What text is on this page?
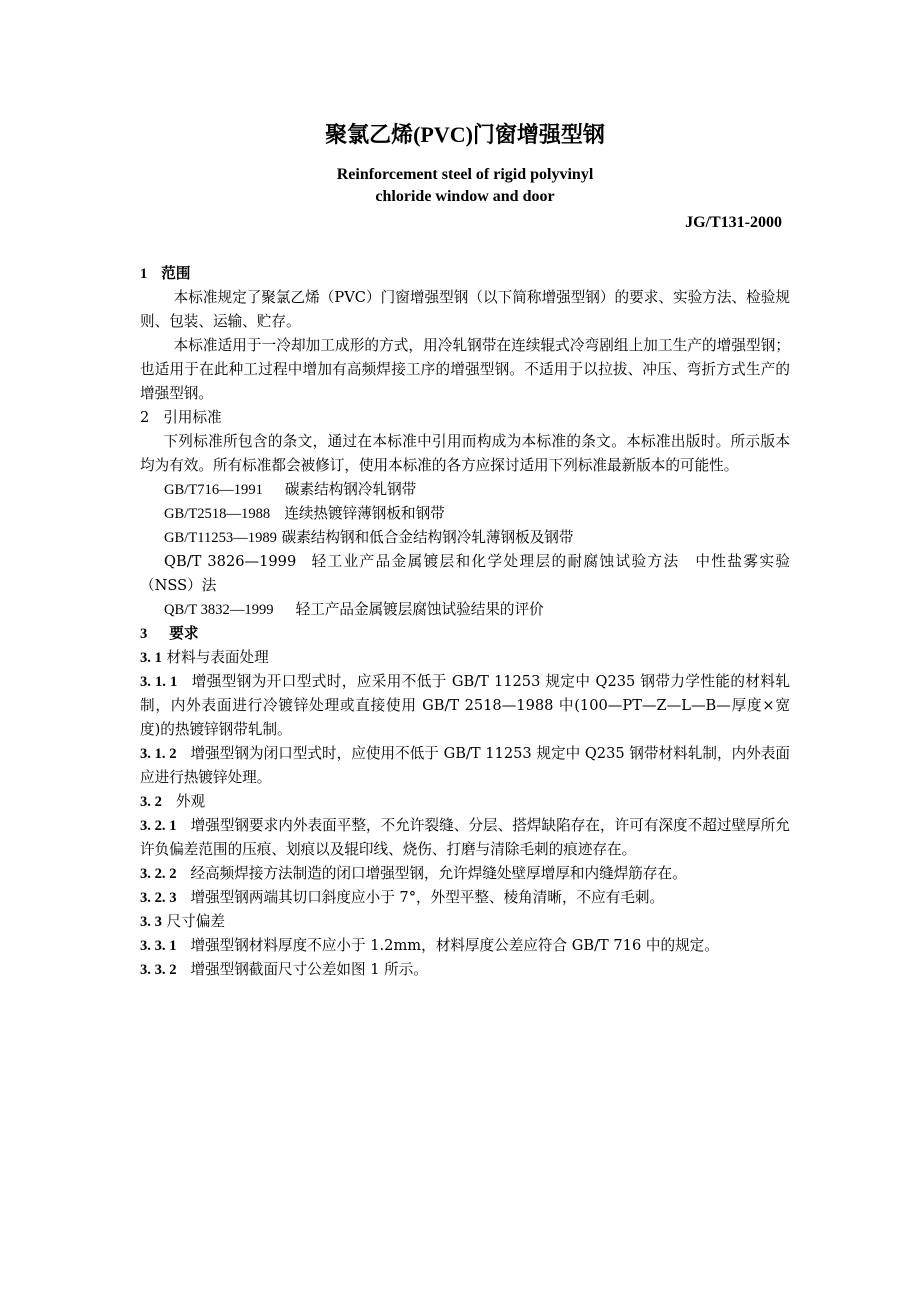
聚氯乙烯(PVC)门窗增强型钢

Reinforcement steel of rigid polyvinyl

chloride window and door

JG/T131-2000

1 范围

本标准规定了聚氯乙烯（PVC）门窗增强型钢（以下简称增强型钢）的要求、实验方法、检验规则、包装、运输、贮存。

本标准适用于一冷却加工成形的方式，用冷轧钢带在连续辊式冷弯剧组上加工生产的增强型钢；也适用于在此种工过程中增加有高频焊接工序的增强型钢。不适用于以拉拔、冲压、弯折方式生产的增强型钢。

2 引用标准

下列标准所包含的条文，通过在本标准中引用而构成为本标准的条文。本标准出版时。所示版本均为有效。所有标准都会被修订，使用本标准的各方应探讨适用下列标准最新版本的可能性。

GB/T716—1991 碳素结构钢冷轧钢带

GB/T2518—1988 连续热镀锌薄钢板和钢带

GB/T11253—1989 碳素结构钢和低合金结构钢冷轧薄钢板及钢带

QB/T 3826—1999 轻工业产品金属镀层和化学处理层的耐腐蚀试验方法　中性盐雾实验（NSS）法

QB/T 3832—1999 轻工产品金属镀层腐蚀试验结果的评价

3 要求

3. 1 材料与表面处理

3. 1. 1 增强型钢为开口型式时，应采用不低于 GB/T 11253 规定中 Q235 钢带力学性能的材料轧制，内外表面进行冷镀锌处理或直接使用 GB/T 2518—1988 中(100—PT—Z—L—B—厚度×宽度)的热镀锌钢带轧制。

3. 1. 2 增强型钢为闭口型式时，应使用不低于 GB/T 11253 规定中 Q235 钢带材料轧制，内外表面应进行热镀锌处理。

3. 2 外观

3. 2. 1 增强型钢要求内外表面平整，不允许裂缝、分层、搭焊缺陷存在，许可有深度不超过壁厚所允许负偏差范围的压痕、划痕以及辊印线、烧伤、打磨与清除毛刺的痕迹存在。

3. 2. 2 经高频焊接方法制造的闭口增强型钢，允许焊缝处壁厚增厚和内缝焊筋存在。

3. 2. 3 增强型钢两端其切口斜度应小于 7°，外型平整、棱角清晰，不应有毛刺。

3. 3 尺寸偏差

3. 3. 1 增强型钢材料厚度不应小于 1.2mm，材料厚度公差应符合 GB/T 716 中的规定。

3. 3. 2 增强型钢截面尺寸公差如图 1 所示。
